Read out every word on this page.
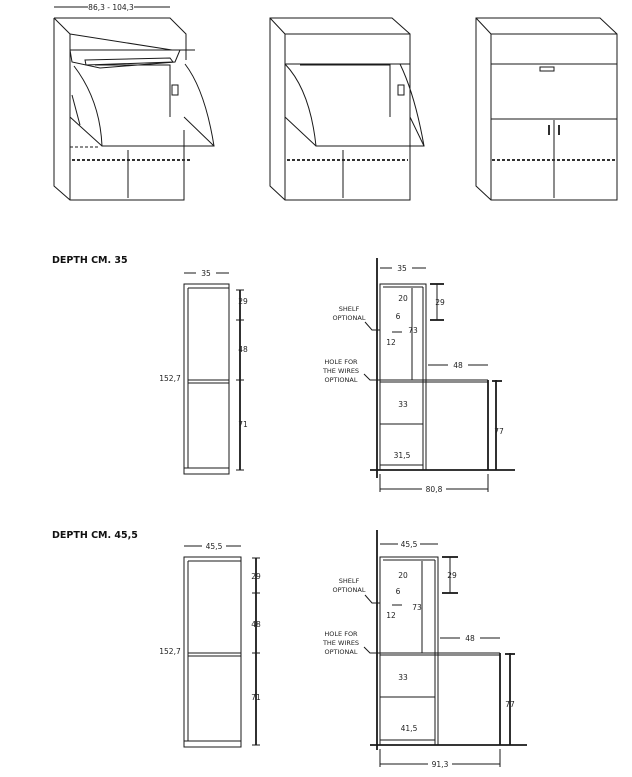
86,3 - 104,3
DEPTH CM. 35
35
29
48
71
152,7
35
20
6
73
12
29
48
33
31,5
77
80,8
SHELF
OPTIONAL
HOLE FOR
THE WIRES
OPTIONAL
DEPTH CM. 45,5
45,5
29
48
71
152,7
45,5
20
6
73
12
29
48
33
41,5
77
91,3
SHELF
OPTIONAL
HOLE FOR
THE WIRES
OPTIONAL
